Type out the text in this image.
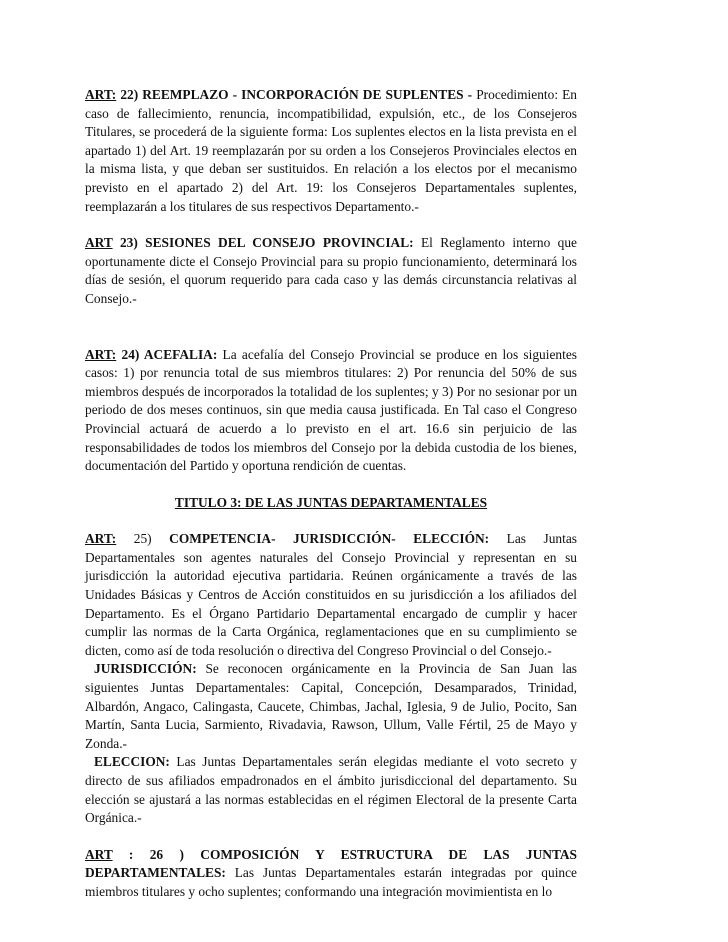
ART: 22) REEMPLAZO - INCORPORACIÓN DE SUPLENTES - Procedimiento: En caso de fallecimiento, renuncia, incompatibilidad, expulsión, etc., de los Consejeros Titulares, se procederá de la siguiente forma: Los suplentes electos en la lista prevista en el apartado 1) del Art. 19 reemplazarán por su orden a los Consejeros Provinciales electos en la misma lista, y que deban ser sustituidos. En relación a los electos por el mecanismo previsto en el apartado 2) del Art. 19: los Consejeros Departamentales suplentes, reemplazarán a los titulares de sus respectivos Departamento.-

ART 23) SESIONES DEL CONSEJO PROVINCIAL: El Reglamento interno que oportunamente dicte el Consejo Provincial para su propio funcionamiento, determinará los días de sesión, el quorum requerido para cada caso y las demás circunstancia relativas al Consejo.-

ART: 24) ACEFALIA: La acefalía del Consejo Provincial se produce en los siguientes casos: 1) por renuncia total de sus miembros titulares: 2) Por renuncia del 50% de sus miembros después de incorporados la totalidad de los suplentes; y 3) Por no sesionar por un periodo de dos meses continuos, sin que media causa justificada. En Tal caso el Congreso Provincial actuará de acuerdo a lo previsto en el art. 16.6 sin perjuicio de las responsabilidades de todos los miembros del Consejo por la debida custodia de los bienes, documentación del Partido y oportuna rendición de cuentas.

TITULO 3: DE LAS JUNTAS DEPARTAMENTALES

ART: 25) COMPETENCIA- JURISDICCIÓN- ELECCIÓN: Las Juntas Departamentales son agentes naturales del Consejo Provincial y representan en su jurisdicción la autoridad ejecutiva partidaria. Reúnen orgánicamente a través de las Unidades Básicas y Centros de Acción constituidos en su jurisdicción a los afiliados del Departamento. Es el Órgano Partidario Departamental encargado de cumplir y hacer cumplir las normas de la Carta Orgánica, reglamentaciones que en su cumplimiento se dicten, como así de toda resolución o directiva del Congreso Provincial o del Consejo.-

JURISDICCIÓN: Se reconocen orgánicamente en la Provincia de San Juan las siguientes Juntas Departamentales: Capital, Concepción, Desamparados, Trinidad, Albardón, Angaco, Calingasta, Caucete, Chimbas, Jachal, Iglesia, 9 de Julio, Pocito, San Martín, Santa Lucia, Sarmiento, Rivadavia, Rawson, Ullum, Valle Fértil, 25 de Mayo y Zonda.-

ELECCION: Las Juntas Departamentales serán elegidas mediante el voto secreto y directo de sus afiliados empadronados en el ámbito jurisdiccional del departamento. Su elección se ajustará a las normas establecidas en el régimen Electoral de la presente Carta Orgánica.-

ART : 26 ) COMPOSICIÓN Y ESTRUCTURA DE LAS JUNTAS DEPARTAMENTALES: Las Juntas Departamentales estarán integradas por quince miembros titulares y ocho suplentes; conformando una integración movimientista en lo
